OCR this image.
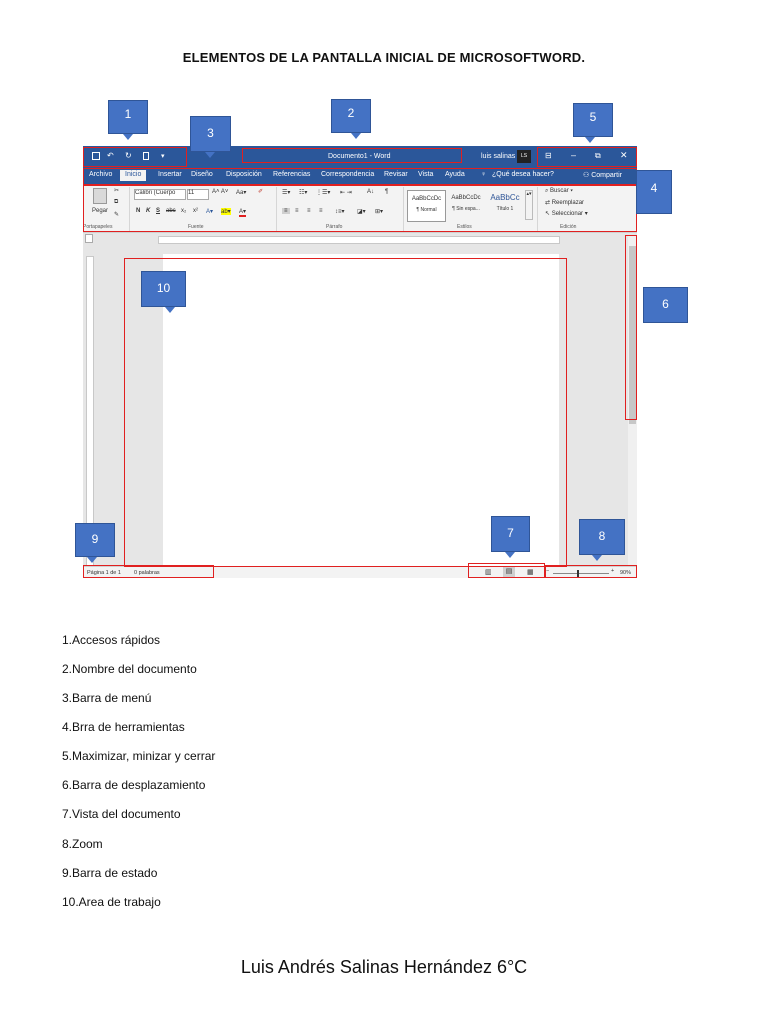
ELEMENTOS DE LA PANTALLA INICIAL DE MICROSOFTWORD.
↶ ↻	▾	Documento1 - Word	luis salinas	LS	⊟ – ⧉ ✕
Archivo	Inicio	Insertar Diseño Disposición Referencias Correspondencia Revisar Vista Ayuda ♀ ¿Qué desea hacer?	⚇ Compartir
Pegar
✂
⧉
✎
Portapapeles
Calibri (Cuerpo	11	A˄ A˅ Aa▾ ✐
N K S abc x₂ x² A▾ ab▾ A▾
Fuente
☰▾ ☷▾ ⋮☰▾ ⇤ ⇥	A↓ ¶
≡	≡ ≡ ≡ ↕≡▾ ◪▾ ⊞▾
Párrafo
AaBbCcDc
¶ Normal
AaBbCcDc
¶ Sin espa...
AaBbCc
Título 1
▴▾
Estilos
⌕ Buscar ▾
⇄ Reemplazar
↖ Seleccionar ▾
Edición
Página 1 de 1 0 palabras	▥	▤	▦ −	+ 90%
1	2
3
4
5
6
7	8
9
10
1.Accesos rápidos
2.Nombre del documento
3.Barra de menú
4.Brra de herramientas
5.Maximizar, minizar y cerrar
6.Barra de desplazamiento
7.Vista del documento
8.Zoom
9.Barra de estado
10.Area de trabajo
Luis Andrés Salinas Hernández 6°C
